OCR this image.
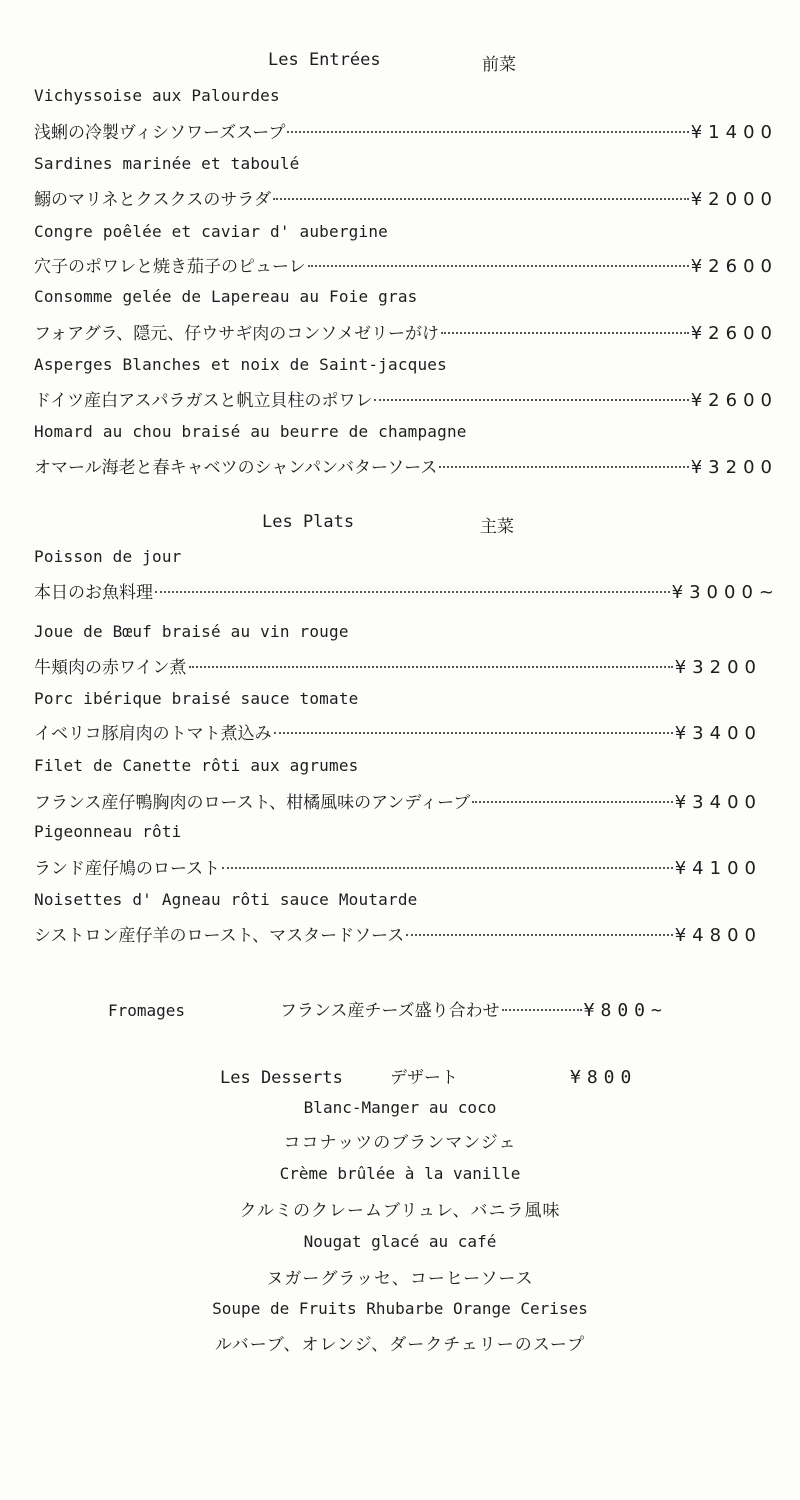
Les Entrées	前菜
Vichyssoise aux Palourdes
浅蜊の冷製ヴィシソワーズスープ	¥1400
Sardines marinée et taboulé
鰯のマリネとクスクスのサラダ	¥2000
Congre poêlée et caviar d' aubergine
穴子のポワレと焼き茄子のピューレ	¥2600
Consomme gelée de Lapereau au Foie gras
フォアグラ、隠元、仔ウサギ肉のコンソメゼリーがけ	¥2600
Asperges Blanches et noix de Saint-jacques
ドイツ産白アスパラガスと帆立貝柱のポワレ	¥2600
Homard au chou braisé au beurre de champagne
オマール海老と春キャベツのシャンパンバターソース	¥3200
Les Plats	主菜
Poisson de jour
本日のお魚料理	¥3000~
Joue de Bœuf braisé au vin rouge
牛頬肉の赤ワイン煮	¥3200
Porc ibérique braisé sauce tomate
イベリコ豚肩肉のトマト煮込み	¥3400
Filet de Canette rôti aux agrumes
フランス産仔鴨胸肉のロースト、柑橘風味のアンディーブ	¥3400
Pigeonneau rôti
ランド産仔鳩のロースト	¥4100
Noisettes d' Agneau rôti sauce Moutarde
シストロン産仔羊のロースト、マスタードソース	¥4800
Fromages	フランス産チーズ盛り合わせ	¥800~
Les Desserts	デザート	¥800
Blanc-Manger au coco
ココナッツのブランマンジェ
Crème brûlée à la vanille
クルミのクレームブリュレ、バニラ風味
Nougat glacé au café
ヌガーグラッセ、コーヒーソース
Soupe de Fruits Rhubarbe Orange Cerises
ルバーブ、オレンジ、ダークチェリーのスープ
